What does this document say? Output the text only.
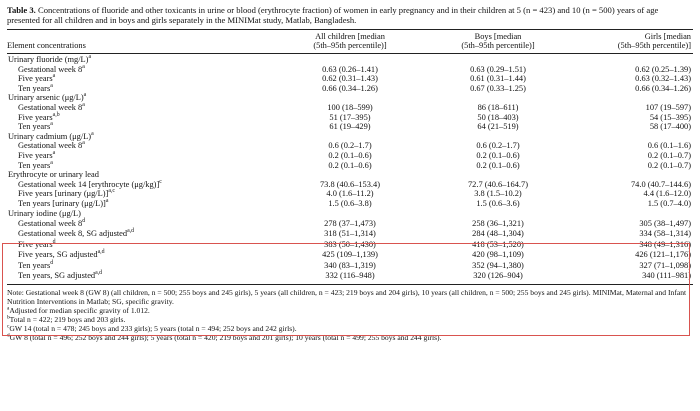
Table 3. Concentrations of fluoride and other toxicants in urine or blood (erythrocyte fraction) of women in early pregnancy and in their children at 5 (n = 423) and 10 (n = 500) years of age presented for all children and in boys and girls separately in the MINIMat study, Matlab, Bangladesh.

	All children [median	Boys [median	Girls [median
Element concentrations	(5th–95th percentile)]	(5th–95th percentile)]	(5th–95th percentile)]
Urinary fluoride $(mg/L)^a$
Gestational week 8$^a$	0.63 (0.26–1.41)	0.63 (0.29–1.51)	0.62 (0.25–1.39)
Five years$^a$	0.62 (0.31–1.43)	0.61 (0.31–1.44)	0.63 (0.32–1.43)
Ten years$^a$	0.66 (0.34–1.26)	0.67 (0.33–1.25)	0.66 (0.34–1.26)
Urinary arsenic $(\mu g/L)^a$
Gestational week 8$^a$	100 (18–599)	86 (18–611)	107 (19–597)
Five years$^{a,b}$	51 (17–395)	50 (18–403)	54 (15–395)
Ten years$^a$	61 (19–429)	64 (21–519)	58 (17–400)
Urinary cadmium $(\mu g/L)^a$
Gestational week 8$^a$	0.6 (0.2–1.7)	0.6 (0.2–1.7)	0.6 (0.1–1.6)
Five years$^a$	0.2 (0.1–0.6)	0.2 (0.1–0.6)	0.2 (0.1–0.7)
Ten years$^a$	0.2 (0.1–0.6)	0.2 (0.1–0.6)	0.2 (0.1–0.7)
Erythrocyte or urinary lead			
Gestational week 14 [erythrocyte (μg/kg)]$^c$	73.8 (40.6–153.4)	72.7 (40.6–164.7)	74.0 (40.7–144.6)
Five years [urinary (μg/L)]$^{a,c}$	4.0 (1.6–11.2)	3.8 (1.5–10.2)	4.4 (1.6–12.0)
Ten years [urinary (μg/L)]$^a$	1.5 (0.6–3.8)	1.5 (0.6–3.6)	1.5 (0.7–4.0)
Urinary iodine (μg/L)			
Gestational week 8$^d$	278 (37–1,473)	258 (36–1,321)	305 (38–1,497)
Gestational week 8, SG adjusted$^{a,d}$	318 (51–1,314)	284 (48–1,304)	334 (58–1,314)
Five years$^d$	383 (50–1,430)	418 (53–1,520)	348 (49–1,316)
Five years, SG adjusted$^{a,d}$	425 (109–1,139)	420 (98–1,109)	426 (121–1,176)
Ten years$^d$	340 (83–1,319)	352 (94–1,380)	327 (71–1,098)
Ten years, SG adjusted$^{a,d}$	332 (116–948)	320 (126–904)	340 (111–981)
Note: Gestational week 8 (GW 8) (all children, n = 500; 255 boys and 245 girls), 5 years (all children, n = 423; 219 boys and 204 girls), 10 years (all children, n = 500; 255 boys and 245 girls). MINIMat, Maternal and Infant Nutrition Interventions in Matlab; SG, specific gravity.
$^a$Adjusted for median specific gravity of 1.012.
$^b$Total n = 422; 219 boys and 203 girls.
$^c$GW 14 (total n = 478; 245 boys and 233 girls); 5 years (total n = 494; 252 boys and 242 girls).
$^d$GW 8 (total n = 496; 252 boys and 244 girls); 5 years (total n = 420; 219 boys and 201 girls); 10 years (total n = 499; 255 boys and 244 girls).
